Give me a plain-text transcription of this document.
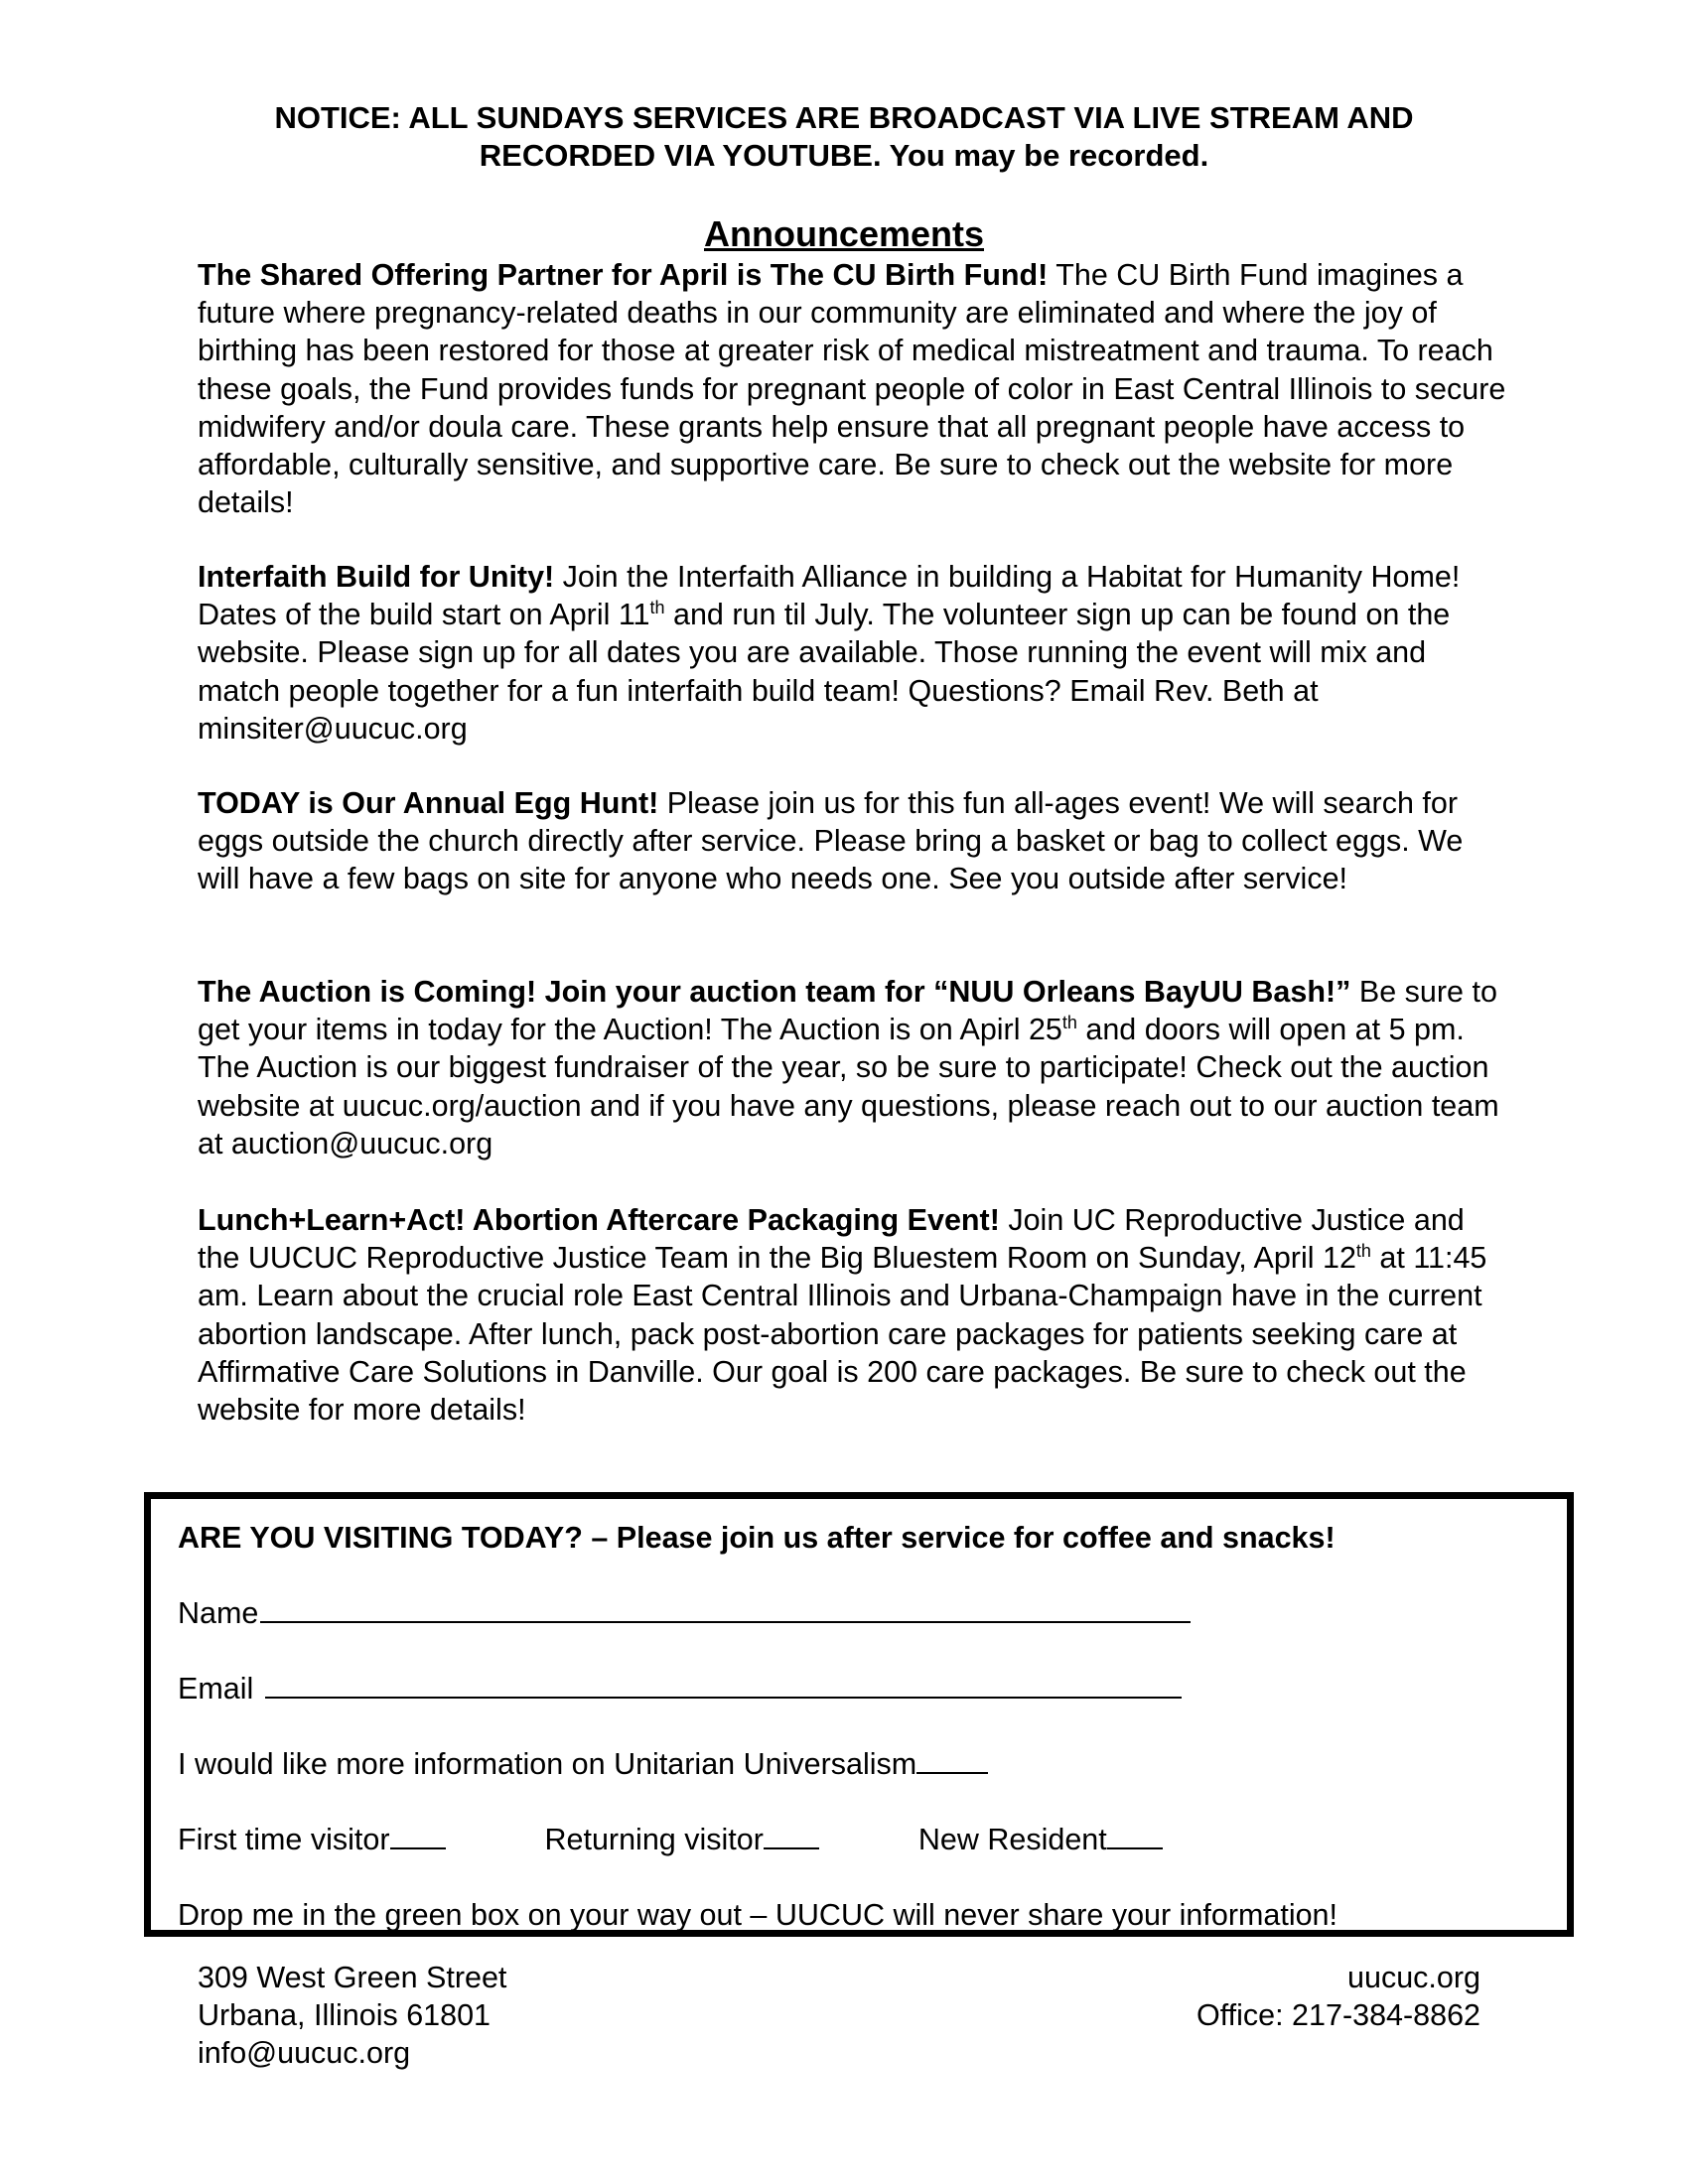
NOTICE: ALL SUNDAYS SERVICES ARE BROADCAST VIA LIVE STREAM AND
RECORDED VIA YOUTUBE. You may be recorded.
Announcements
The Shared Offering Partner for April is The CU Birth Fund! The CU Birth Fund imagines a future where pregnancy-related deaths in our community are eliminated and where the joy of birthing has been restored for those at greater risk of medical mistreatment and trauma. To reach these goals, the Fund provides funds for pregnant people of color in East Central Illinois to secure midwifery and/or doula care. These grants help ensure that all pregnant people have access to affordable, culturally sensitive, and supportive care. Be sure to check out the website for more details!
Interfaith Build for Unity! Join the Interfaith Alliance in building a Habitat for Humanity Home! Dates of the build start on April 11th and run til July. The volunteer sign up can be found on the website. Please sign up for all dates you are available. Those running the event will mix and match people together for a fun interfaith build team! Questions? Email Rev. Beth at minsiter@uucuc.org
TODAY is Our Annual Egg Hunt! Please join us for this fun all-ages event! We will search for eggs outside the church directly after service. Please bring a basket or bag to collect eggs. We will have a few bags on site for anyone who needs one. See you outside after service!
The Auction is Coming! Join your auction team for “NUU Orleans BayUU Bash!” Be sure to get your items in today for the Auction! The Auction is on Apirl 25th and doors will open at 5 pm. The Auction is our biggest fundraiser of the year, so be sure to participate! Check out the auction website at uucuc.org/auction and if you have any questions, please reach out to our auction team at auction@uucuc.org
Lunch+Learn+Act! Abortion Aftercare Packaging Event! Join UC Reproductive Justice and the UUCUC Reproductive Justice Team in the Big Bluestem Room on Sunday, April 12th at 11:45 am. Learn about the crucial role East Central Illinois and Urbana-Champaign have in the current abortion landscape. After lunch, pack post-abortion care packages for patients seeking care at Affirmative Care Solutions in Danville. Our goal is 200 care packages. Be sure to check out the website for more details!
ARE YOU VISITING TODAY? – Please join us after service for coffee and snacks!
Name
Email
I would like more information on Unitarian Universalism
First time visitor	Returning visitor	New Resident
Drop me in the green box on your way out – UUCUC will never share your information!
309 West Green Street
Urbana, Illinois 61801
info@uucuc.org
uucuc.org
Office: 217-384-8862
